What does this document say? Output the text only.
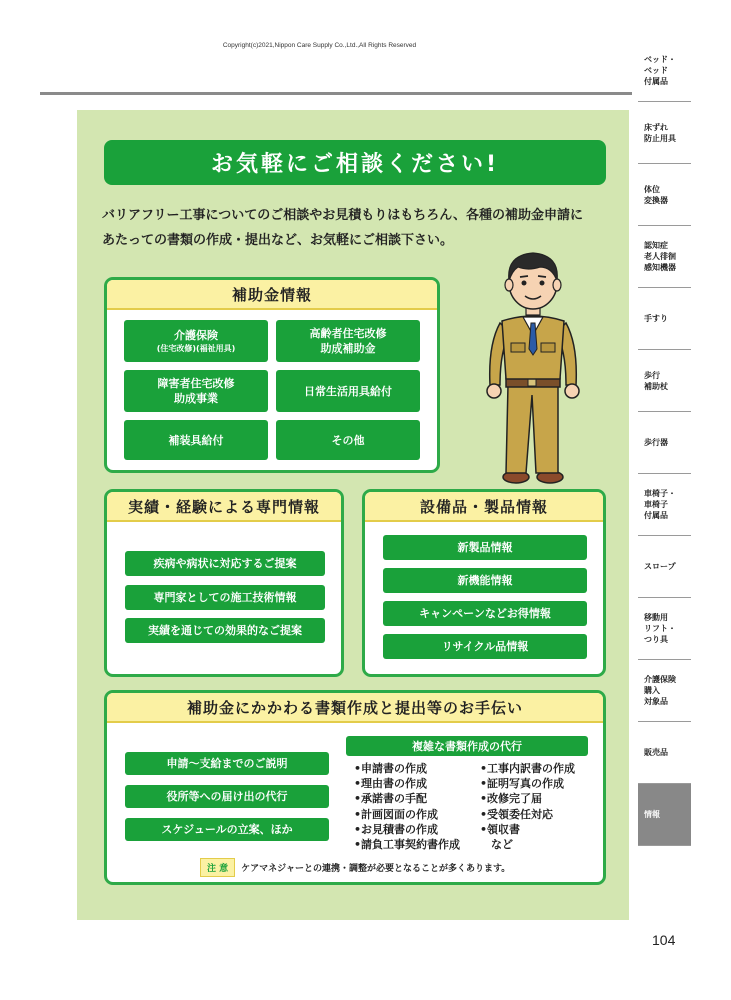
Copyright(c)2021,Nippon Care Supply Co.,Ltd.,All Rights Reserved
お気軽にご相談ください!
バリアフリー工事についてのご相談やお見積もりはもちろん、各種の補助金申請に
あたっての書類の作成・提出など、お気軽にご相談下さい。
補助金情報
介護保険
(住宅改修)(福祉用具)
高齢者住宅改修
助成補助金
障害者住宅改修
助成事業
日常生活用具給付
補装具給付	その他
実績・経験による専門情報
疾病や病状に対応するご提案
専門家としての施工技術情報
実績を通じての効果的なご提案
設備品・製品情報
新製品情報
新機能情報
キャンペーンなどお得情報
リサイクル品情報
補助金にかかわる書類作成と提出等のお手伝い
申請～支給までのご説明
役所等への届け出の代行
スケジュールの立案、ほか
複雑な書類作成の代行
•申請書の作成
•理由書の作成
•承諾書の手配
•計画図面の作成
•お見積書の作成
•請負工事契約書作成
•工事内訳書の作成
•証明写真の作成
•改修完了届
•受領委任対応
•領収書
　など
注 意	ケアマネジャーとの連携・調整が必要となることが多くあります。
ベッド・
ベッド
付属品
床ずれ
防止用具
体位
変換器
認知症
老人徘徊
感知機器
手すり
歩行
補助杖
歩行器
車椅子・
車椅子
付属品
スロープ
移動用
リフト・
つり具
介護保険
購入
対象品
販売品
情報
104
